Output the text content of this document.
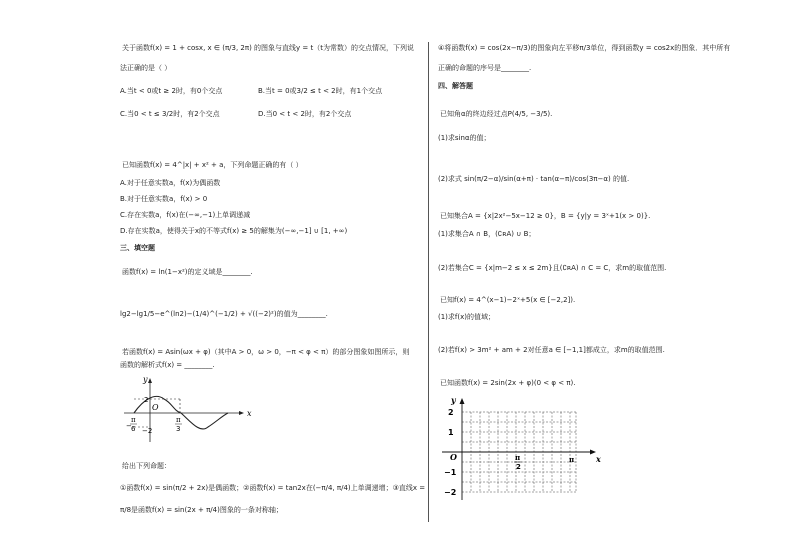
关于函数f(x) = 1 + cosx, x ∈ (π/3, 2π) 的图象与直线y = t（t为常数）的交点情况，下列说
法正确的是（ ）
A.当t < 0或t ≥ 2时，有0个交点	B.当t = 0或3/2 ≤ t < 2时，有1个交点
C.当0 < t ≤ 3/2时，有2个交点	D.当0 < t < 2时，有2个交点
已知函数f(x) = 4^|x| + x² + a，下列命题正确的有（ ）
A.对于任意实数a，f(x)为偶函数
B.对于任意实数a，f(x) > 0
C.存在实数a，f(x)在(−∞,−1)上单调递减
D.存在实数a，使得关于x的不等式f(x) ≥ 5的解集为(−∞,−1] ∪ [1, +∞)
三、填空题
函数f(x) = ln(1−x²)的定义域是________.
lg2−lg1/5−e^(ln2)−(1/4)^(−1/2) + √((−2)²)的值为________.
若函数f(x) = Asin(ωx + φ)（其中A > 0，ω > 0，−π < φ < π）的部分图象如图所示，则
函数的解析式f(x) = ________.
y
x
O
2
−2
−
π
6
π
3
给出下列命题：
①函数f(x) = sin(π/2 + 2x)是偶函数；②函数f(x) = tan2x在(−π/4, π/4)上单调递增；③直线x =
π/8是函数f(x) = sin(2x + π/4)图象的一条对称轴；
④将函数f(x) = cos(2x−π/3)的图象向左平移π/3单位，得到函数y = cos2x的图象．其中所有
正确的命题的序号是________.
四、解答题
已知角α的终边经过点P(4/5, −3/5).
(1)求sinα的值；
(2)求式 sin(π/2−α)/sin(α+π) · tan(α−π)/cos(3π−α) 的值.
已知集合A = {x|2x²−5x−12 ≥ 0}，B = {y|y = 3ˣ+1(x > 0)}.
(1)求集合A ∩ B，(∁ʀA) ∪ B；
(2)若集合C = {x|m−2 ≤ x ≤ 2m}且(∁ʀA) ∩ C = C，求m的取值范围.
已知f(x) = 4^(x−1)−2ˣ+5(x ∈ [−2,2]).
(1)求f(x)的值域；
(2)若f(x) > 3m² + am + 2对任意a ∈ [−1,1]都成立，求m的取值范围.
已知函数f(x) = 2sin(2x + φ)(0 < φ < π).
y
x
O
2
1
−1
−2
π
2
π
